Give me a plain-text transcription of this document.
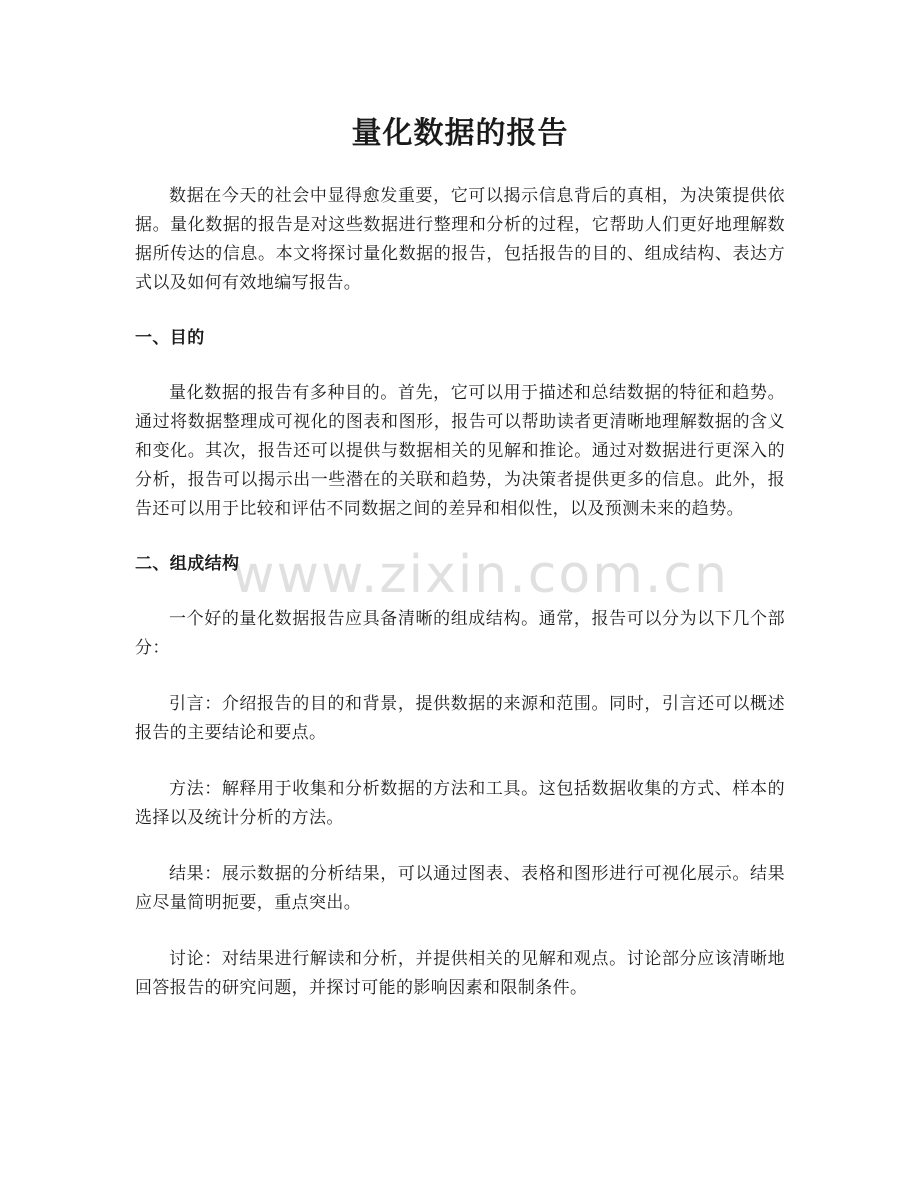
量化数据的报告

数据在今天的社会中显得愈发重要，它可以揭示信息背后的真相，为决策提供依据。量化数据的报告是对这些数据进行整理和分析的过程，它帮助人们更好地理解数据所传达的信息。本文将探讨量化数据的报告，包括报告的目的、组成结构、表达方式以及如何有效地编写报告。

一、目的

量化数据的报告有多种目的。首先，它可以用于描述和总结数据的特征和趋势。通过将数据整理成可视化的图表和图形，报告可以帮助读者更清晰地理解数据的含义和变化。其次，报告还可以提供与数据相关的见解和推论。通过对数据进行更深入的分析，报告可以揭示出一些潜在的关联和趋势，为决策者提供更多的信息。此外，报告还可以用于比较和评估不同数据之间的差异和相似性，以及预测未来的趋势。

二、组成结构

一个好的量化数据报告应具备清晰的组成结构。通常，报告可以分为以下几个部分：

引言：介绍报告的目的和背景，提供数据的来源和范围。同时，引言还可以概述报告的主要结论和要点。

方法：解释用于收集和分析数据的方法和工具。这包括数据收集的方式、样本的选择以及统计分析的方法。

结果：展示数据的分析结果，可以通过图表、表格和图形进行可视化展示。结果应尽量简明扼要，重点突出。

讨论：对结果进行解读和分析，并提供相关的见解和观点。讨论部分应该清晰地回答报告的研究问题，并探讨可能的影响因素和限制条件。

www.zixin.com.cn
